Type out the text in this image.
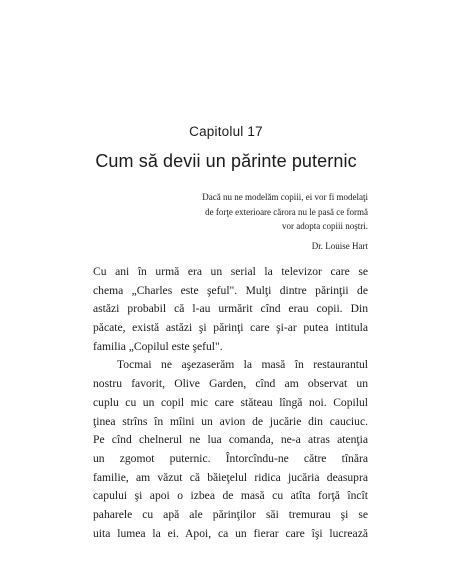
Capitolul 17
Cum să devii un părinte puternic
Dacă nu ne modelăm copiii, ei vor fi modelaţi
de forţe exterioare cărora nu le pasă ce formă
vor adopta copiii noştri.
Dr. Louise Hart
Cu ani în urmă era un serial la televizor care se
chema „Charles este şeful". Mulţi dintre părinţii de
astăzi probabil că l-au urmărit cînd erau copii. Din
păcate, există astăzi şi părinţi care şi-ar putea intitula
familia „Copilul este şeful".
Tocmai ne aşezaserăm la masă în restaurantul
nostru favorit, Olive Garden, cînd am observat un
cuplu cu un copil mic care stăteau lîngă noi. Copilul
ţinea strîns în mîini un avion de jucărie din cauciuc.
Pe cînd chelnerul ne lua comanda, ne-a atras atenţia
un zgomot puternic. Întorcîndu-ne către tînăra
familie, am văzut că băieţelul ridica jucăria deasupra
capului şi apoi o izbea de masă cu atîta forţă încît
paharele cu apă ale părinţilor săi tremurau şi se
uita lumea la ei. Apoi, ca un fierar care îşi lucrează
